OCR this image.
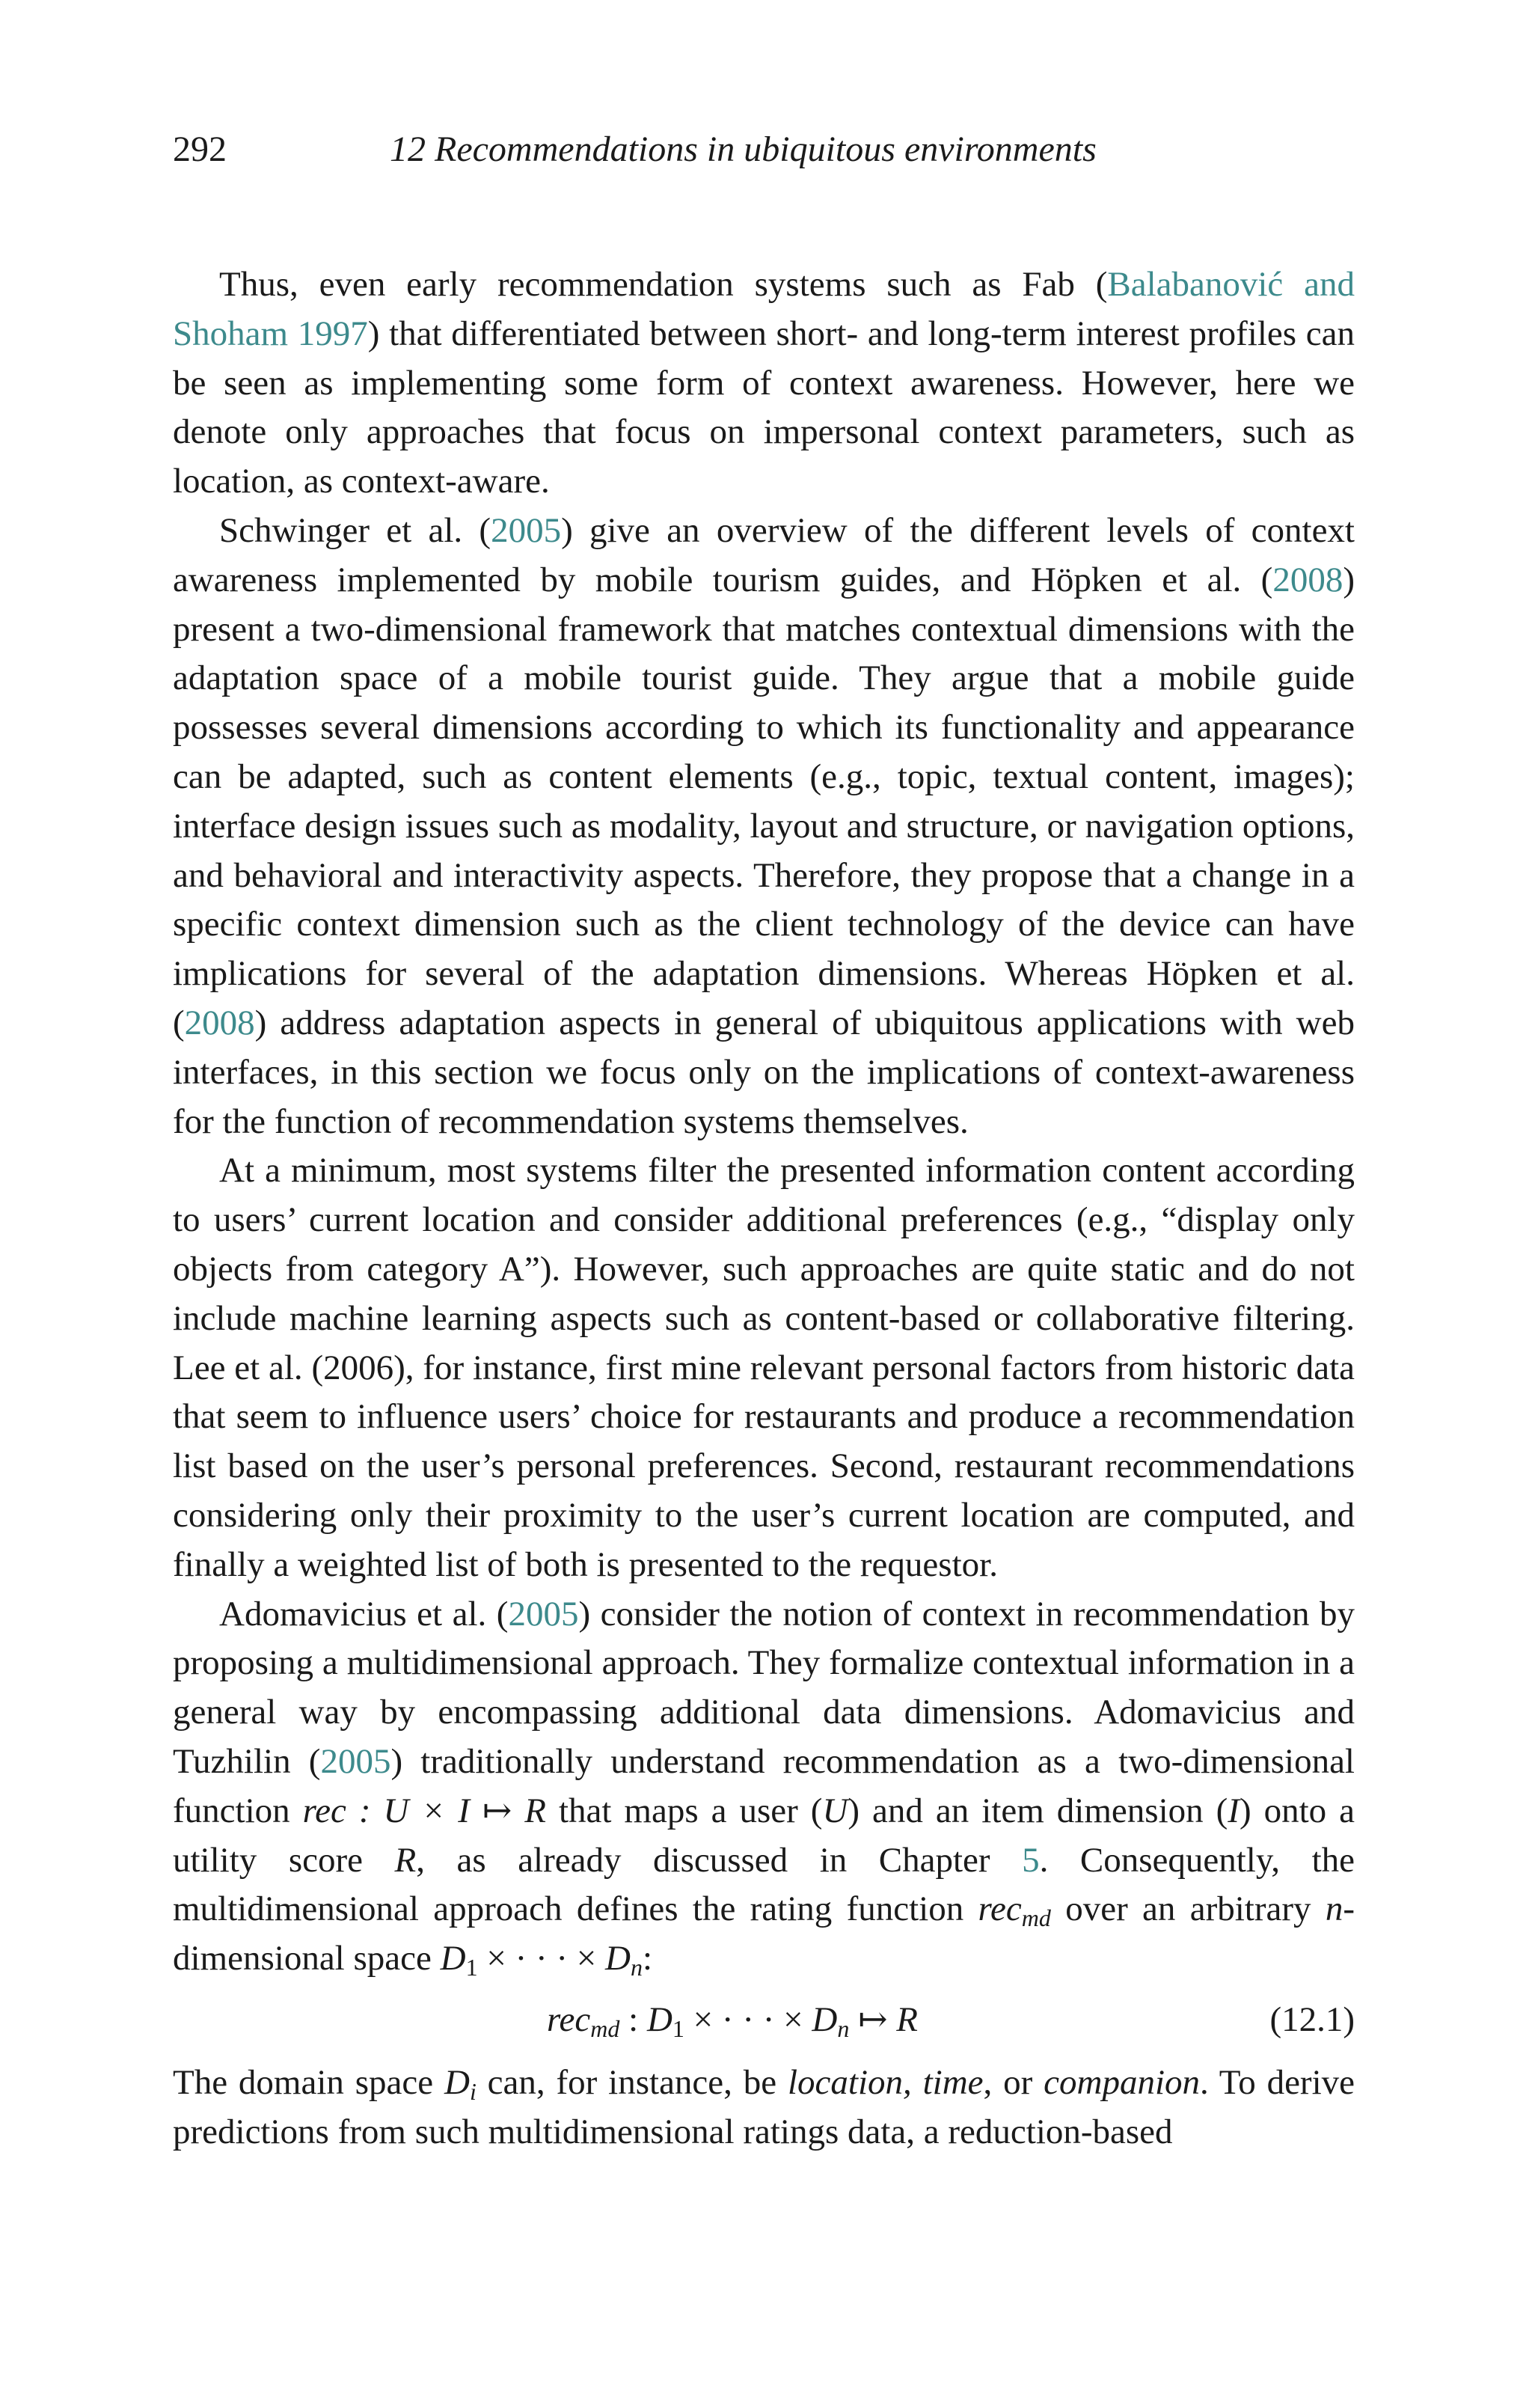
292	12 Recommendations in ubiquitous environments

Thus, even early recommendation systems such as Fab (Balabanović and Shoham 1997) that differentiated between short- and long-term interest profiles can be seen as implementing some form of context awareness. However, here we denote only approaches that focus on impersonal context parameters, such as location, as context-aware.

Schwinger et al. (2005) give an overview of the different levels of context awareness implemented by mobile tourism guides, and Höpken et al. (2008) present a two-dimensional framework that matches contextual dimensions with the adaptation space of a mobile tourist guide. They argue that a mobile guide possesses several dimensions according to which its functionality and appearance can be adapted, such as content elements (e.g., topic, textual content, images); interface design issues such as modality, layout and structure, or navigation options, and behavioral and interactivity aspects. Therefore, they propose that a change in a specific context dimension such as the client technology of the device can have implications for several of the adaptation dimensions. Whereas Höpken et al. (2008) address adaptation aspects in general of ubiquitous applications with web interfaces, in this section we focus only on the implications of context-awareness for the function of recommendation systems themselves.

At a minimum, most systems filter the presented information content according to users’ current location and consider additional preferences (e.g., “display only objects from category A”). However, such approaches are quite static and do not include machine learning aspects such as content-based or collaborative filtering. Lee et al. (2006), for instance, first mine relevant personal factors from historic data that seem to influence users’ choice for restaurants and produce a recommendation list based on the user’s personal preferences. Second, restaurant recommendations considering only their proximity to the user’s current location are computed, and finally a weighted list of both is presented to the requestor.

Adomavicius et al. (2005) consider the notion of context in recommendation by proposing a multidimensional approach. They formalize contextual information in a general way by encompassing additional data dimensions. Adomavicius and Tuzhilin (2005) traditionally understand recommendation as a two-dimensional function rec : U × I ↦ R that maps a user (U) and an item dimension (I) onto a utility score R, as already discussed in Chapter 5. Consequently, the multidimensional approach defines the rating function rec$_{md}$ over an arbitrary n-dimensional space $D_1$ × · · · × $D_n$:

rec$_{md}$ : $D_1$ × · · · × $D_n$ ↦ R	(12.1)

The domain space $D_i$ can, for instance, be location, time, or companion. To derive predictions from such multidimensional ratings data, a reduction-based
